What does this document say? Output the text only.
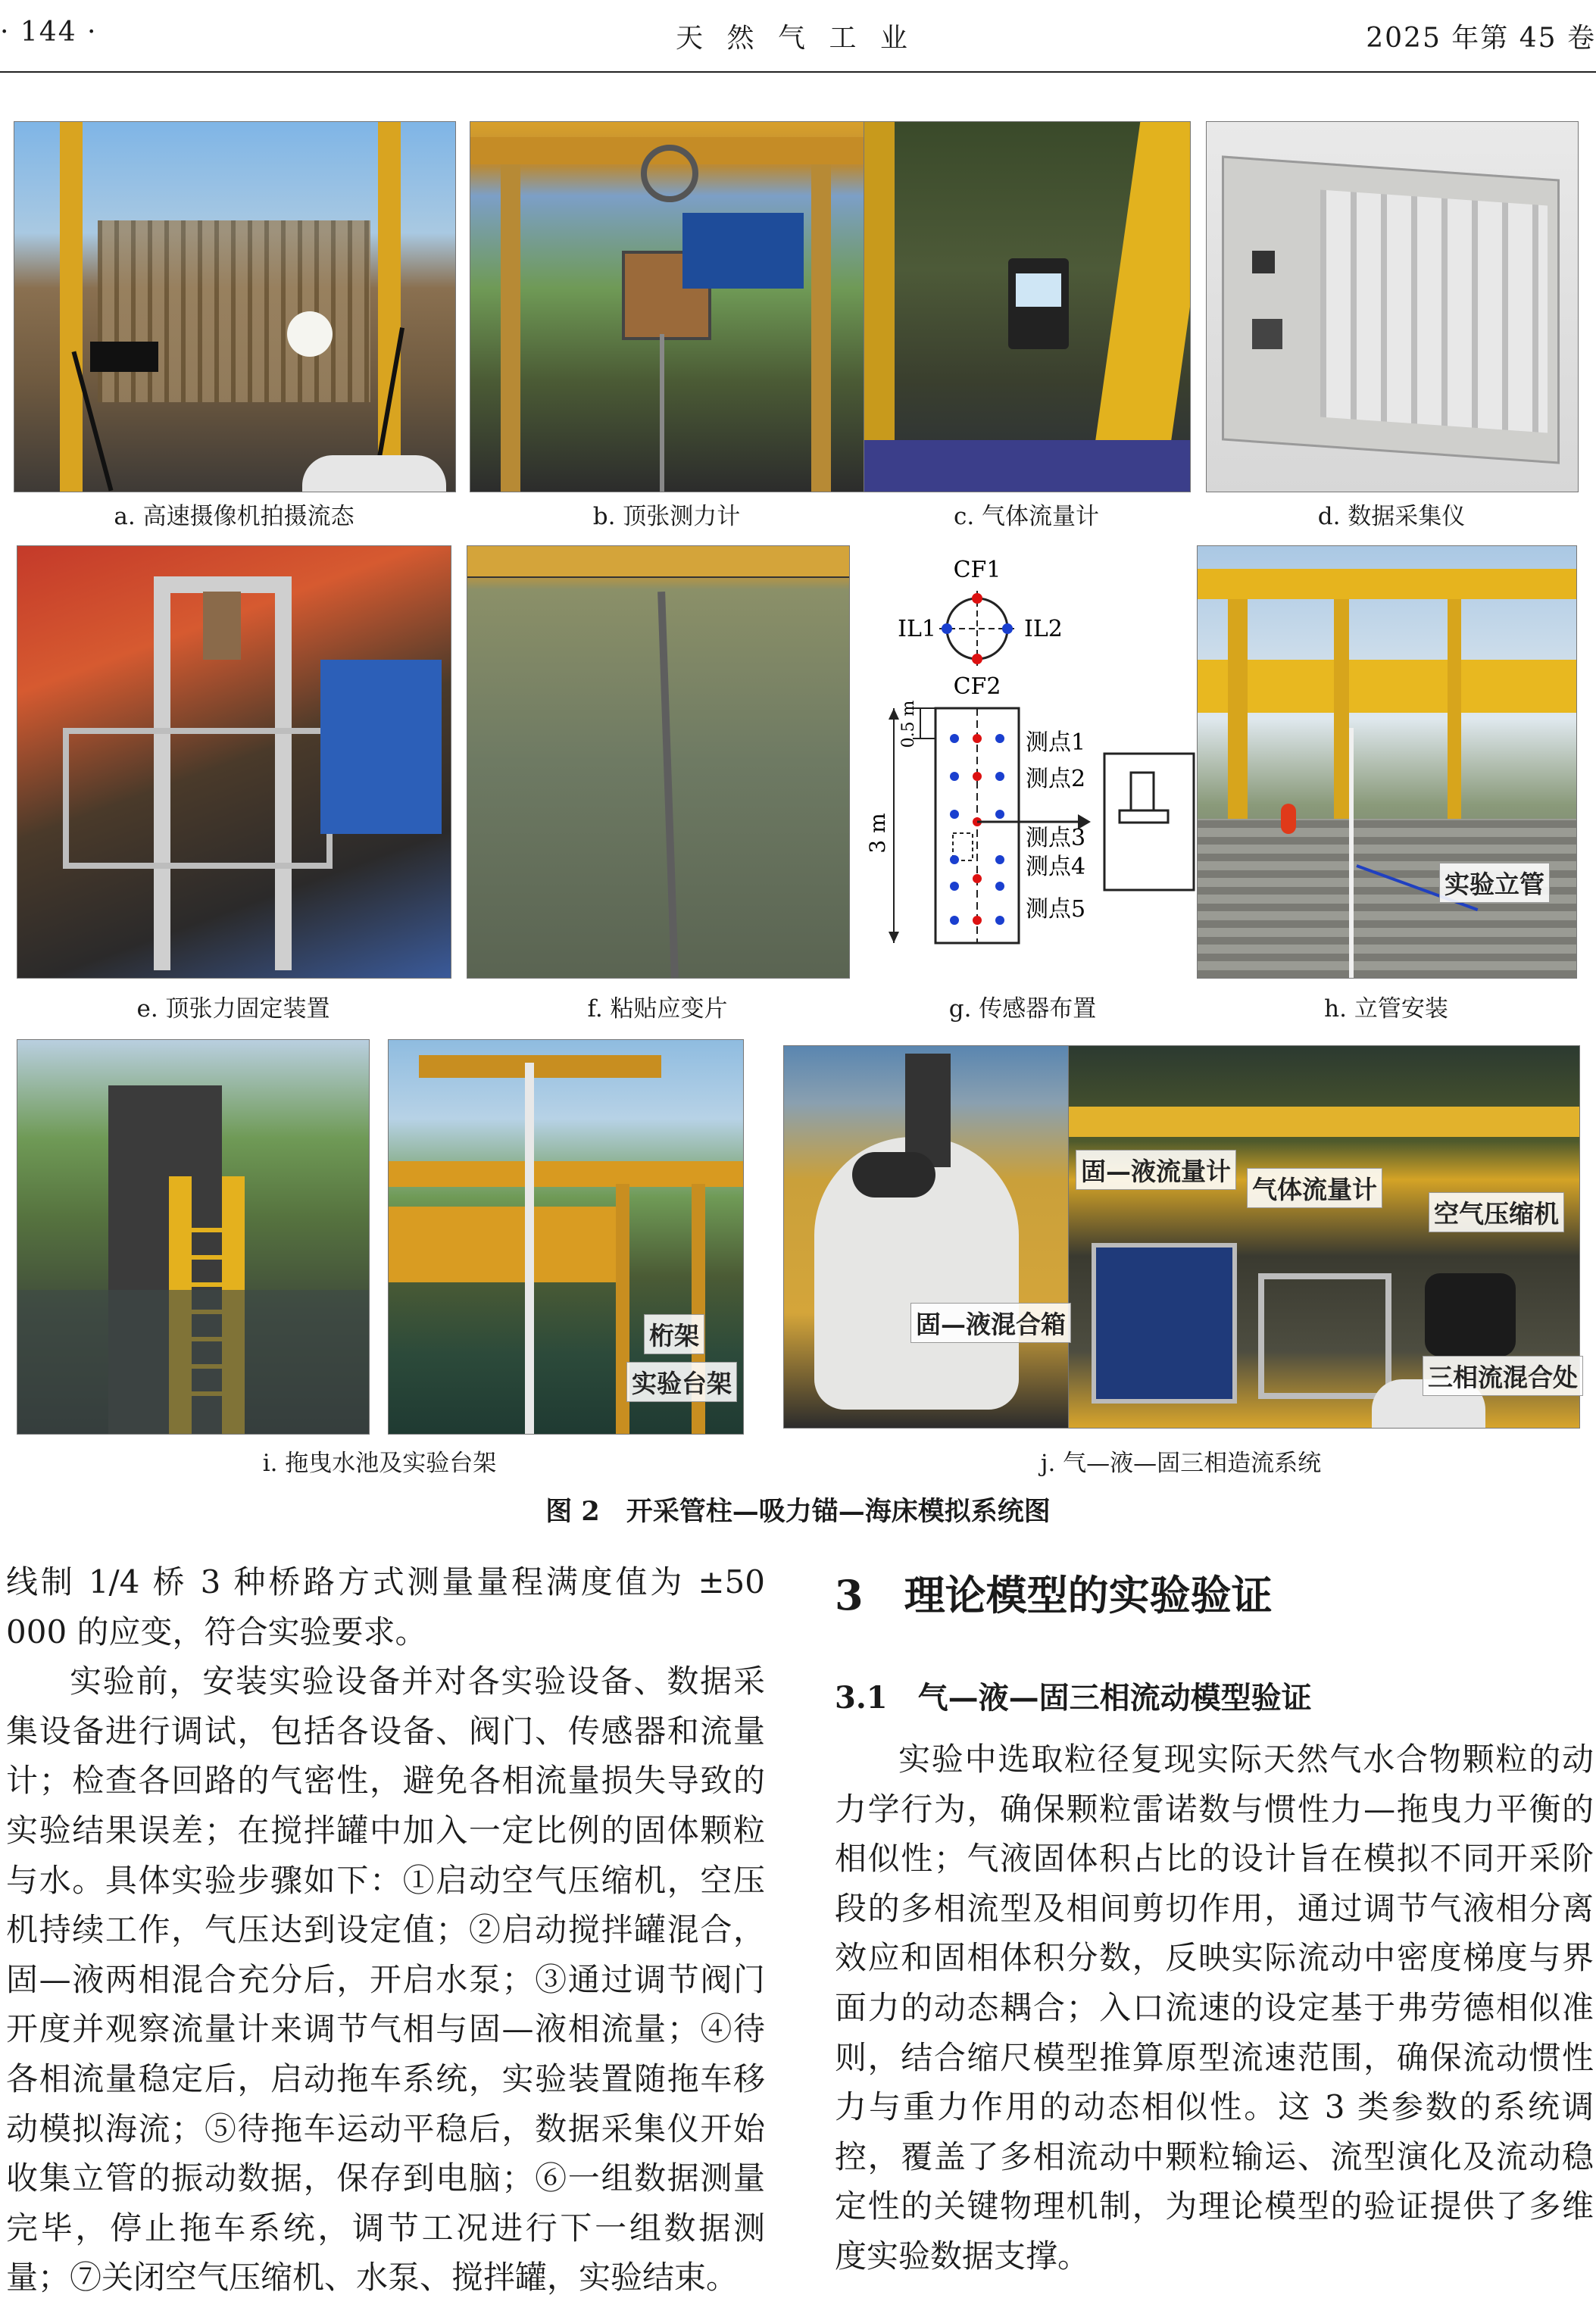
· 144 ·	天 然 气 工 业	2025 年第 45 卷
a. 高速摄像机拍摄流态	b. 顶张测力计	c. 气体流量计	d. 数据采集仪
e. 顶张力固定装置	f. 粘贴应变片
CF1
CF2
IL1	IL2
3 m
0.5 m	测点1
测点2
测点3
测点4
测点5
g. 传感器布置
实验立管
h. 立管安装
桁架
实验台架
i. 拖曳水池及实验台架
固—液流量计
气体流量计
空气压缩机
固—液混合箱
三相流混合处
j. 气—液—固三相造流系统
图 2　开采管柱—吸力锚—海床模拟系统图

线制 1/4 桥 3 种桥路方式测量量程满度值为 ±50 000 的应变，符合实验要求。

实验前，安装实验设备并对各实验设备、数据采集设备进行调试，包括各设备、阀门、传感器和流量计；检查各回路的气密性，避免各相流量损失导致的实验结果误差；在搅拌罐中加入一定比例的固体颗粒与水。具体实验步骤如下：①启动空气压缩机，空压机持续工作，气压达到设定值；②启动搅拌罐混合，固—液两相混合充分后，开启水泵；③通过调节阀门开度并观察流量计来调节气相与固—液相流量；④待各相流量稳定后，启动拖车系统，实验装置随拖车移动模拟海流；⑤待拖车运动平稳后，数据采集仪开始收集立管的振动数据，保存到电脑；⑥一组数据测量完毕，停止拖车系统，调节工况进行下一组数据测量；⑦关闭空气压缩机、水泵、搅拌罐，实验结束。

3　理论模型的实验验证
3.1　气—液—固三相流动模型验证
实验中选取粒径复现实际天然气水合物颗粒的动力学行为，确保颗粒雷诺数与惯性力—拖曳力平衡的相似性；气液固体积占比的设计旨在模拟不同开采阶段的多相流型及相间剪切作用，通过调节气液相分离效应和固相体积分数，反映实际流动中密度梯度与界面力的动态耦合；入口流速的设定基于弗劳德相似准则，结合缩尺模型推算原型流速范围，确保流动惯性力与重力作用的动态相似性。这 3 类参数的系统调控，覆盖了多相流动中颗粒输运、流型演化及流动稳定性的关键物理机制，为理论模型的验证提供了多维度实验数据支撑。
